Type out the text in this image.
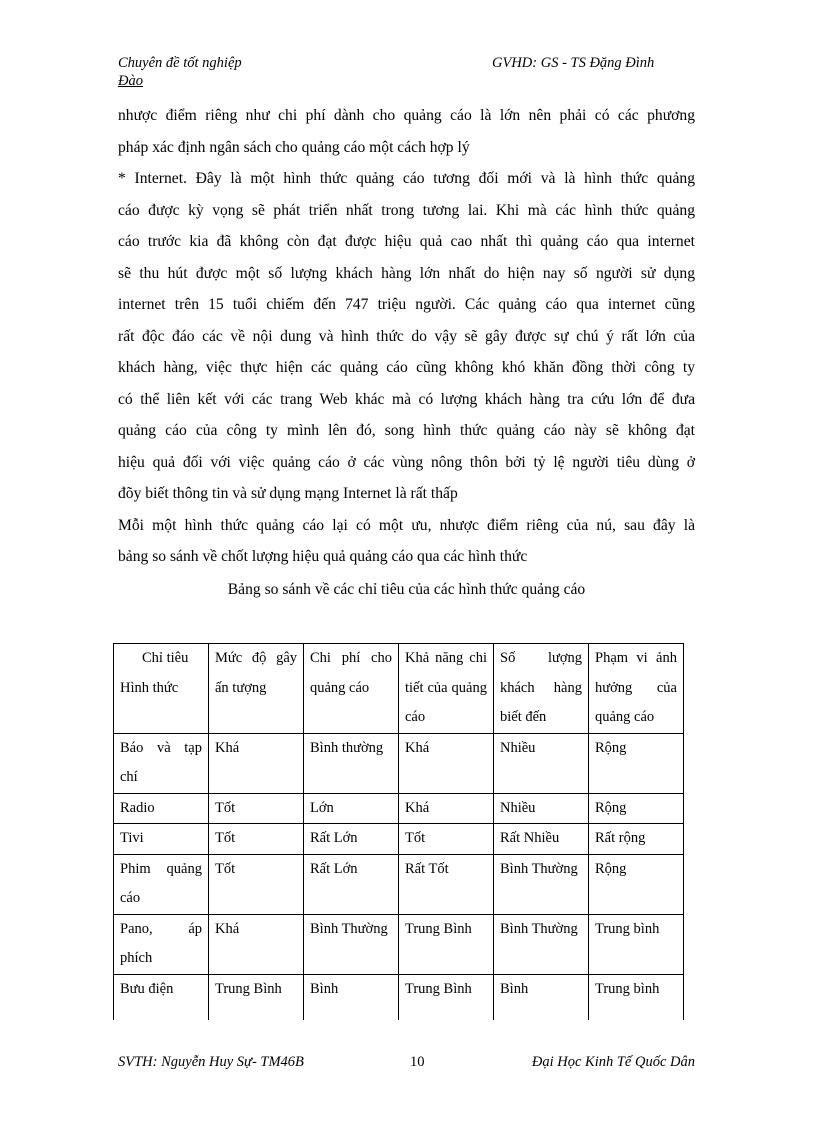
Chuyên đề tốt nghiệp	GVHD: GS - TS Đặng Đình
Đào

nhược điểm riêng như chi phí dành cho quảng cáo là lớn nên phải có các phương

pháp xác định ngân sách cho quảng cáo một cách hợp lý

* Internet. Đây là một hình thức quảng cáo tương đối mới và là hình thức quảng

cáo được kỳ vọng sẽ phát triển nhất trong tương lai. Khi mà các hình thức quảng

cáo trước kia đã không còn đạt được hiệu quả cao nhất thì quảng cáo qua internet

sẽ thu hút được một số lượng khách hàng lớn nhất do hiện nay số người sử dụng

internet trên 15 tuổi chiếm đến 747 triệu người. Các quảng cáo qua internet cũng

rất độc đáo các về nội dung và hình thức do vậy sẽ gây được sự chú ý rất lớn của

khách hàng, việc thực hiện các quảng cáo cũng không khó khăn đồng thời công ty

có thể liên kết với các trang Web khác mà có lượng khách hàng tra cứu lớn để đưa

quảng cáo của công ty mình lên đó, song hình thức quảng cáo này sẽ không đạt

hiệu quả đối với việc quảng cáo ở các vùng nông thôn bởi tỷ lệ người tiêu dùng ở

đõy biết thông tin và sử dụng mạng Internet là rất thấp

Mỗi một hình thức quảng cáo lại có một ưu, nhược điểm riêng của nú, sau đây là

bảng so sánh về chốt lượng hiệu quả quảng cáo qua các hình thức

Bảng so sánh về các chỉ tiêu của các hình thức quảng cáo
Chỉ tiêu
Hình thức	Mức độ gây ấn tượng	Chi phí cho quảng cáo	Khả năng chi tiết của quảng cáo	Số lượng khách hàng biết đến	Phạm vi ảnh hưởng của quảng cáo
Báo và tạp chí	Khá	Bình thường	Khá	Nhiều	Rộng
Radio	Tốt	Lớn	Khá	Nhiều	Rộng
Tivi	Tốt	Rất Lớn	Tốt	Rất Nhiều	Rất rộng
Phim quảng cáo	Tốt	Rất Lớn	Rất Tốt	Bình Thường	Rộng
Pano, áp phích	Khá	Bình Thường	Trung Bình	Bình Thường	Trung bình
Bưu điện	Trung Bình	Bình	Trung Bình	Bình	Trung bình
SVTH: Nguyễn Huy Sự- TM46B	10	Đại Học Kinh Tế Quốc Dân
